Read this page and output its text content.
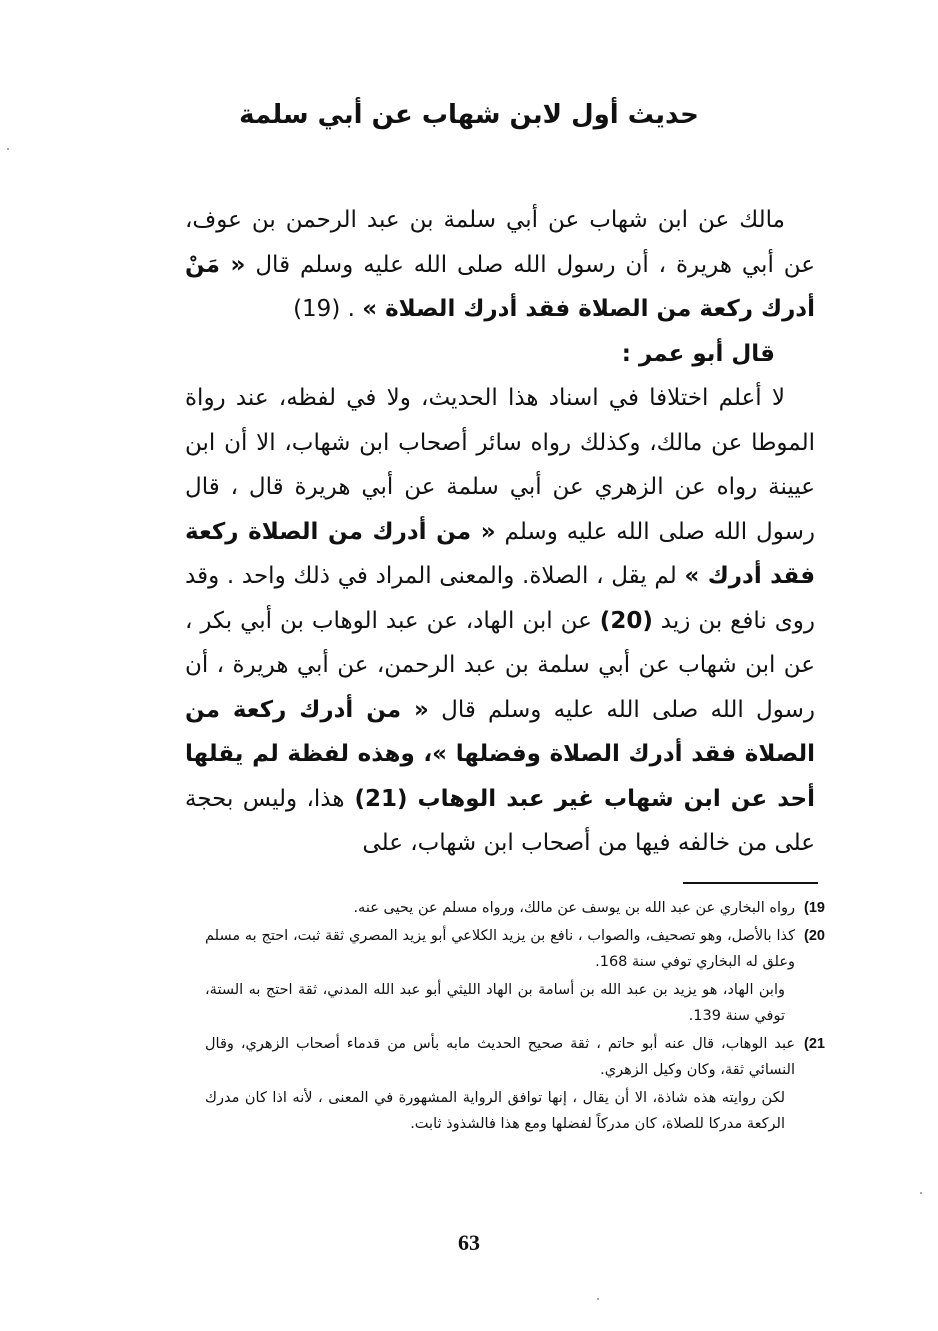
حديث أول لابن شهاب عن أبي سلمة

مالك عن ابن شهاب عن أبي سلمة بن عبد الرحمن بن عوف، عن أبي هريرة ، أن رسول الله صلى الله عليه وسلم قال « مَنْ أدرك ركعة من الصلاة فقد أدرك الصلاة » . (19)

قال أبو عمر :

لا أعلم اختلافا في اسناد هذا الحديث، ولا في لفظه، عند رواة الموطا عن مالك، وكذلك رواه سائر أصحاب ابن شهاب، الا أن ابن عيينة رواه عن الزهري عن أبي سلمة عن أبي هريرة قال ، قال رسول الله صلى الله عليه وسلم « من أدرك من الصلاة ركعة فقد أدرك » لم يقل ، الصلاة. والمعنى المراد في ذلك واحد . وقد روى نافع بن زيد (20) عن ابن الهاد، عن عبد الوهاب بن أبي بكر ، عن ابن شهاب عن أبي سلمة بن عبد الرحمن، عن أبي هريرة ، أن رسول الله صلى الله عليه وسلم قال « من أدرك ركعة من الصلاة فقد أدرك الصلاة وفضلها »، وهذه لفظة لم يقلها أحد عن ابن شهاب غير عبد الوهاب (21) هذا، وليس بحجة على من خالفه فيها من أصحاب ابن شهاب، على

19)
رواه البخاري عن عبد الله بن يوسف عن مالك، ورواه مسلم عن يحيى عنه.
20)
كذا بالأصل، وهو تصحيف، والصواب ، نافع بن يزيد الكلاعي أبو يزيد المصري ثقة ثبت، احتج به مسلم وعلق له البخاري توفي سنة 168.
وابن الهاد، هو يزيد بن عبد الله بن أسامة بن الهاد الليثي أبو عبد الله المدني، ثقة احتج به الستة، توفي سنة 139.
21)
عبد الوهاب، قال عنه أبو حاتم ، ثقة صحيح الحديث مابه بأس من قدماء أصحاب الزهري، وقال النسائي ثقة، وكان وكيل الزهري.
لكن روايته هذه شاذة، الا أن يقال ، إنها توافق الرواية المشهورة في المعنى ، لأنه اذا كان مدرك الركعة مدركا للصلاة، كان مدركاً لفضلها ومع هذا فالشذوذ ثابت.
63
